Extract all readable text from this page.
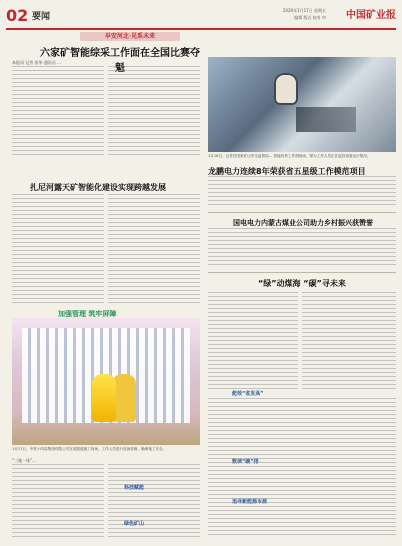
02 要闻
2020年1月17日 星期五
编辑 版式 校对 审 中国矿业报
早安河北·见系未来
六家矿智能综采工作面在全国比赛夺魁
本报讯 记者 张华 通讯员 …
1月16日，记者在国家矿山安全监察局… 智能综采工作面现场，图为工作人员正在监控设备运行情况。
龙鹏电力连续8年荣获省五星级工作模范项目
国电电力内蒙古煤业公司助力乡村振兴获赞誉
“绿”动煤海 “碳”寻未来
能效“省发高”
数读“碳”排
追寻新能源本源
扎尼河露天矿智能化建设实现跨越发展
加强管理 筑牢屏障
1月17日，中铁十四局集团有限公司在某隧道施工现场，工作人员进行设备检修，确保施工安全。
“三地一体”…
科技赋能
绿色矿山
